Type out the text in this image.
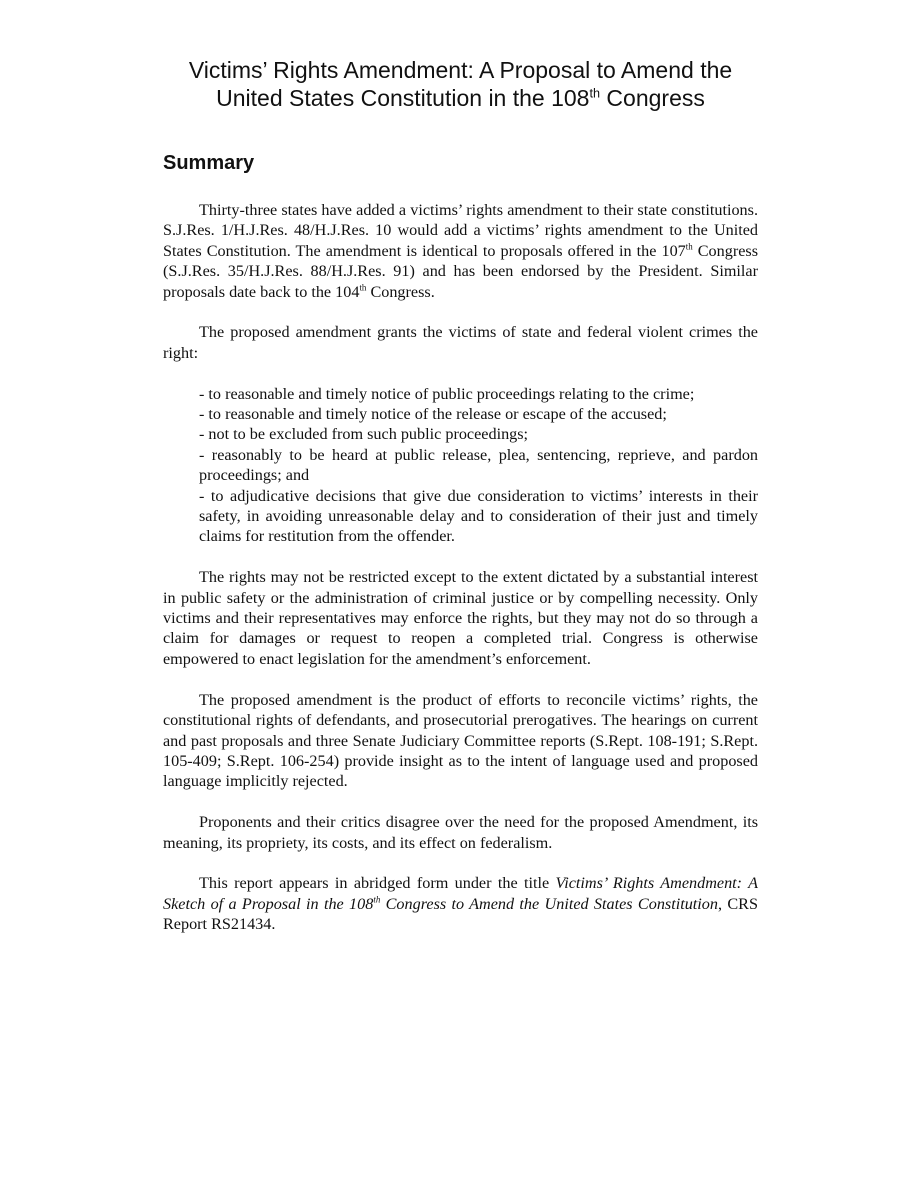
Victims’ Rights Amendment: A Proposal to Amend the
United States Constitution in the 108th Congress
Summary

Thirty-three states have added a victims’ rights amendment to their state constitutions. S.J.Res. 1/H.J.Res. 48/H.J.Res. 10 would add a victims’ rights amendment to the United States Constitution. The amendment is identical to proposals offered in the 107th Congress (S.J.Res. 35/H.J.Res. 88/H.J.Res. 91) and has been endorsed by the President. Similar proposals date back to the 104th Congress.

The proposed amendment grants the victims of state and federal violent crimes the right:

- to reasonable and timely notice of public proceedings relating to the crime;
- to reasonable and timely notice of the release or escape of the accused;
- not to be excluded from such public proceedings;
- reasonably to be heard at public release, plea, sentencing, reprieve, and pardon proceedings; and
- to adjudicative decisions that give due consideration to victims’ interests in their safety, in avoiding unreasonable delay and to consideration of their just and timely claims for restitution from the offender.

The rights may not be restricted except to the extent dictated by a substantial interest in public safety or the administration of criminal justice or by compelling necessity. Only victims and their representatives may enforce the rights, but they may not do so through a claim for damages or request to reopen a completed trial. Congress is otherwise empowered to enact legislation for the amendment’s enforcement.

The proposed amendment is the product of efforts to reconcile victims’ rights, the constitutional rights of defendants, and prosecutorial prerogatives. The hearings on current and past proposals and three Senate Judiciary Committee reports (S.Rept. 108-191; S.Rept. 105-409; S.Rept. 106-254) provide insight as to the intent of language used and proposed language implicitly rejected.

Proponents and their critics disagree over the need for the proposed Amendment, its meaning, its propriety, its costs, and its effect on federalism.

This report appears in abridged form under the title Victims’ Rights Amendment: A Sketch of a Proposal in the 108th Congress to Amend the United States Constitution, CRS Report RS21434.
